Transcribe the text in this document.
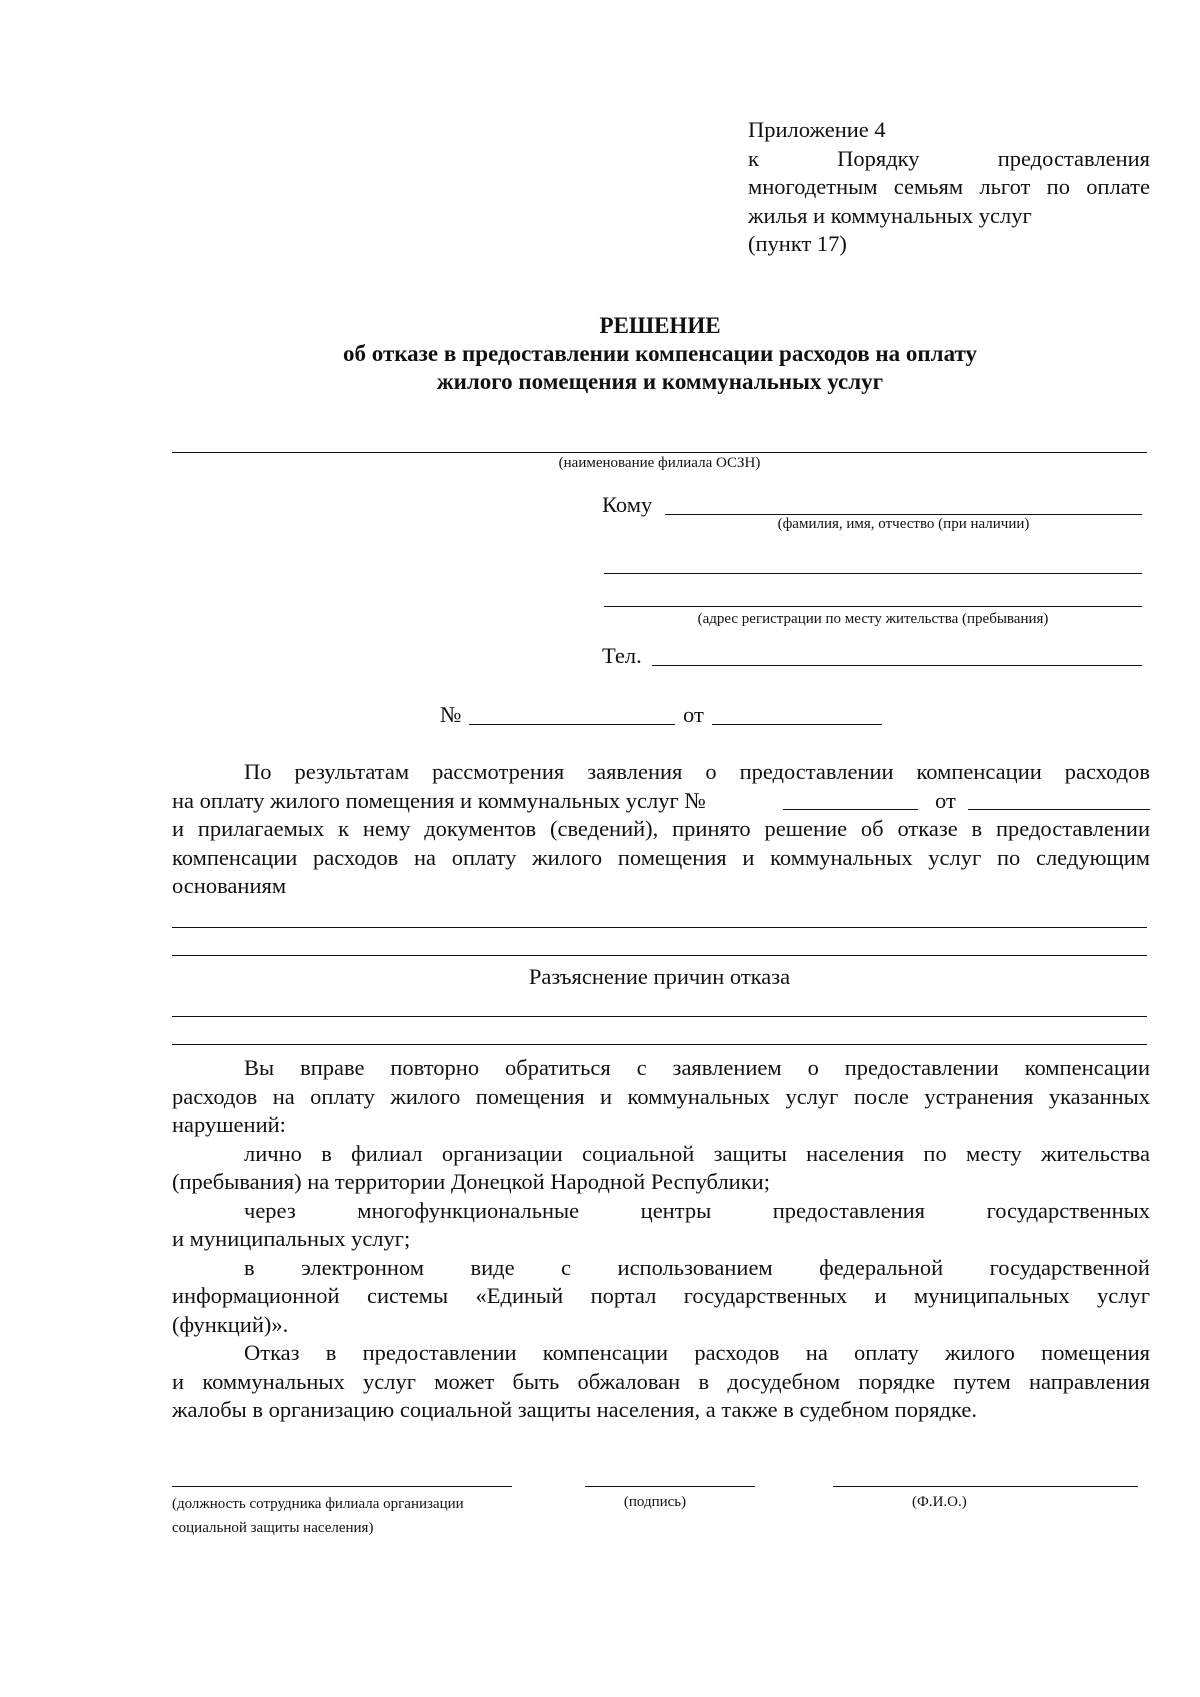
Приложение 4
к	Порядку	предоставления
многодетным семьям льгот по оплате
жилья и коммунальных услуг
(пункт 17)
РЕШЕНИЕ
об отказе в предоставлении компенсации расходов на оплату
жилого помещения и коммунальных услуг
(наименование филиала ОСЗН)
Кому
(фамилия, имя, отчество (при наличии)
(адрес регистрации по месту жительства (пребывания)
Тел.
№	от
По результатам рассмотрения заявления о предоставлении компенсации расходов
на оплату жилого помещения и коммунальных услуг №	от
и прилагаемых к нему документов (сведений), принято решение об отказе в предоставлении
компенсации расходов на оплату жилого помещения и коммунальных услуг по следующим
основаниям
Разъяснение причин отказа
Вы вправе повторно обратиться с заявлением о предоставлении компенсации
расходов на оплату жилого помещения и коммунальных услуг после устранения указанных
нарушений:
лично в филиал организации социальной защиты населения по месту жительства
(пребывания) на территории Донецкой Народной Республики;
через	многофункциональные	центры	предоставления	государственных
и муниципальных услуг;
в электронном виде с использованием федеральной государственной
информационной системы «Единый портал государственных и муниципальных услуг
(функций)».
Отказ в предоставлении компенсации расходов на оплату жилого помещения
и коммунальных услуг может быть обжалован в досудебном порядке путем направления
жалобы в организацию социальной защиты населения, а также в судебном порядке.
(должность сотрудника филиала организации
социальной защиты населения)
(подпись)	(Ф.И.О.)
